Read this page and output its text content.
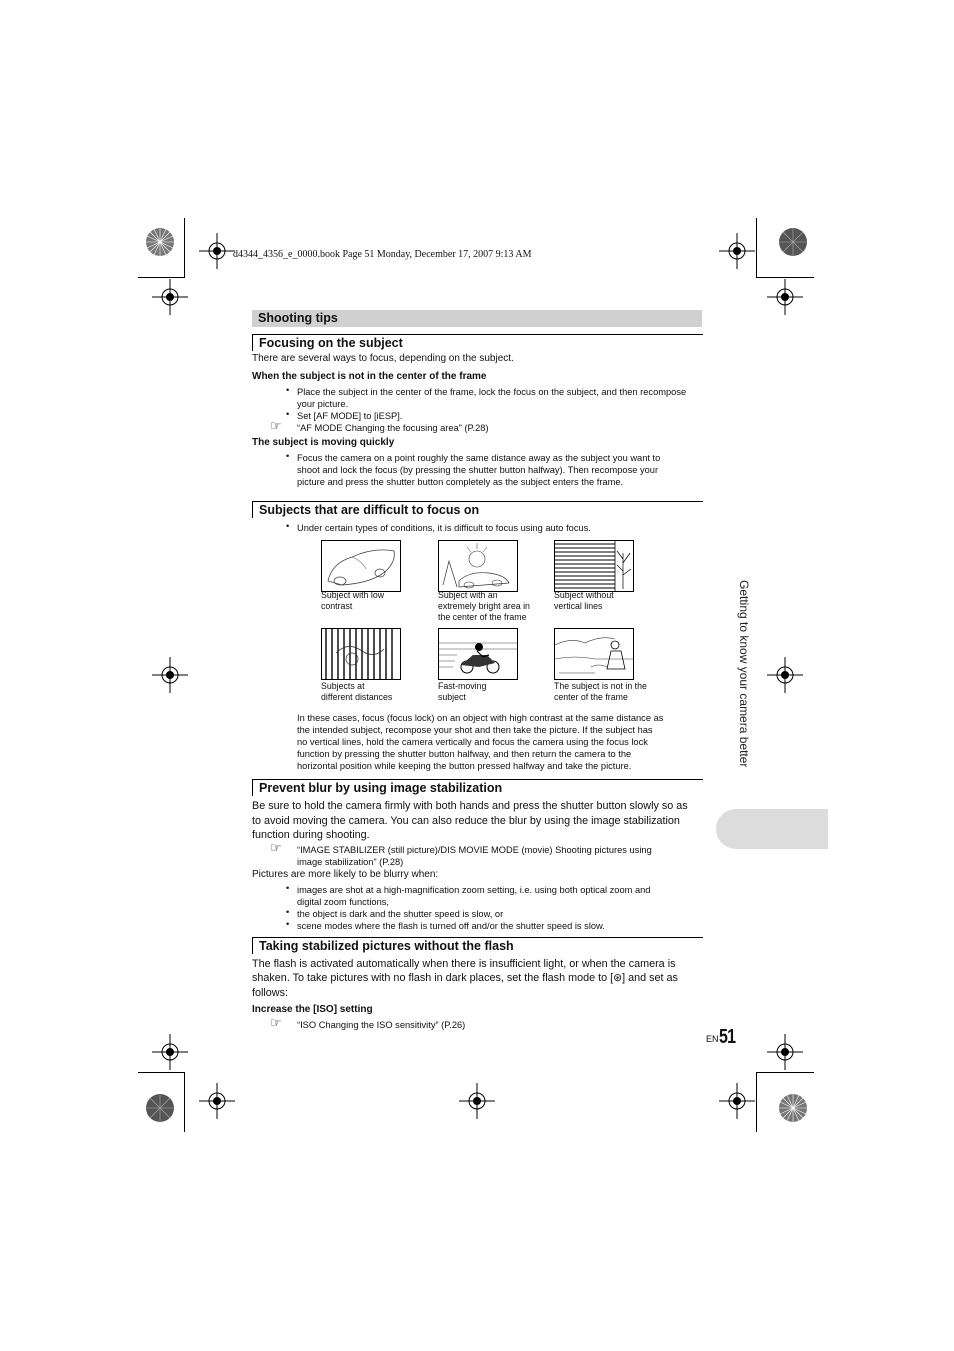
d4344_4356_e_0000.book Page 51 Monday, December 17, 2007 9:13 AM
Shooting tips
Focusing on the subject
There are several ways to focus, depending on the subject.
When the subject is not in the center of the frame
• Place the subject in the center of the frame, lock the focus on the subject, and then recompose
your picture.
• Set [AF MODE] to [iESP].
☞ “AF MODE Changing the focusing area” (P.28)
The subject is moving quickly
• Focus the camera on a point roughly the same distance away as the subject you want to
shoot and lock the focus (by pressing the shutter button halfway). Then recompose your
picture and press the shutter button completely as the subject enters the frame.
Subjects that are difficult to focus on
• Under certain types of conditions, it is difficult to focus using auto focus.
Subject with low
contrast
Subject with an
extremely bright area in
the center of the frame
Subject without
vertical lines
Subjects at
different distances
Fast-moving
subject
The subject is not in the
center of the frame
In these cases, focus (focus lock) on an object with high contrast at the same distance as
the intended subject, recompose your shot and then take the picture. If the subject has
no vertical lines, hold the camera vertically and focus the camera using the focus lock
function by pressing the shutter button halfway, and then return the camera to the
horizontal position while keeping the button pressed halfway and take the picture.
Prevent blur by using image stabilization
Be sure to hold the camera firmly with both hands and press the shutter button slowly so as
to avoid moving the camera. You can also reduce the blur by using the image stabilization
function during shooting.
☞ “IMAGE STABILIZER (still picture)/DIS MOVIE MODE (movie) Shooting pictures using
image stabilization” (P.28)
Pictures are more likely to be blurry when:
• images are shot at a high-magnification zoom setting, i.e. using both optical zoom and
digital zoom functions,
• the object is dark and the shutter speed is slow, or
• scene modes where the flash is turned off and/or the shutter speed is slow.
Taking stabilized pictures without the flash
The flash is activated automatically when there is insufficient light, or when the camera is
shaken. To take pictures with no flash in dark places, set the flash mode to [⊛] and set as
follows:
Increase the [ISO] setting
☞ “ISO Changing the ISO sensitivity” (P.26)
Getting to know your camera better
EN 51
